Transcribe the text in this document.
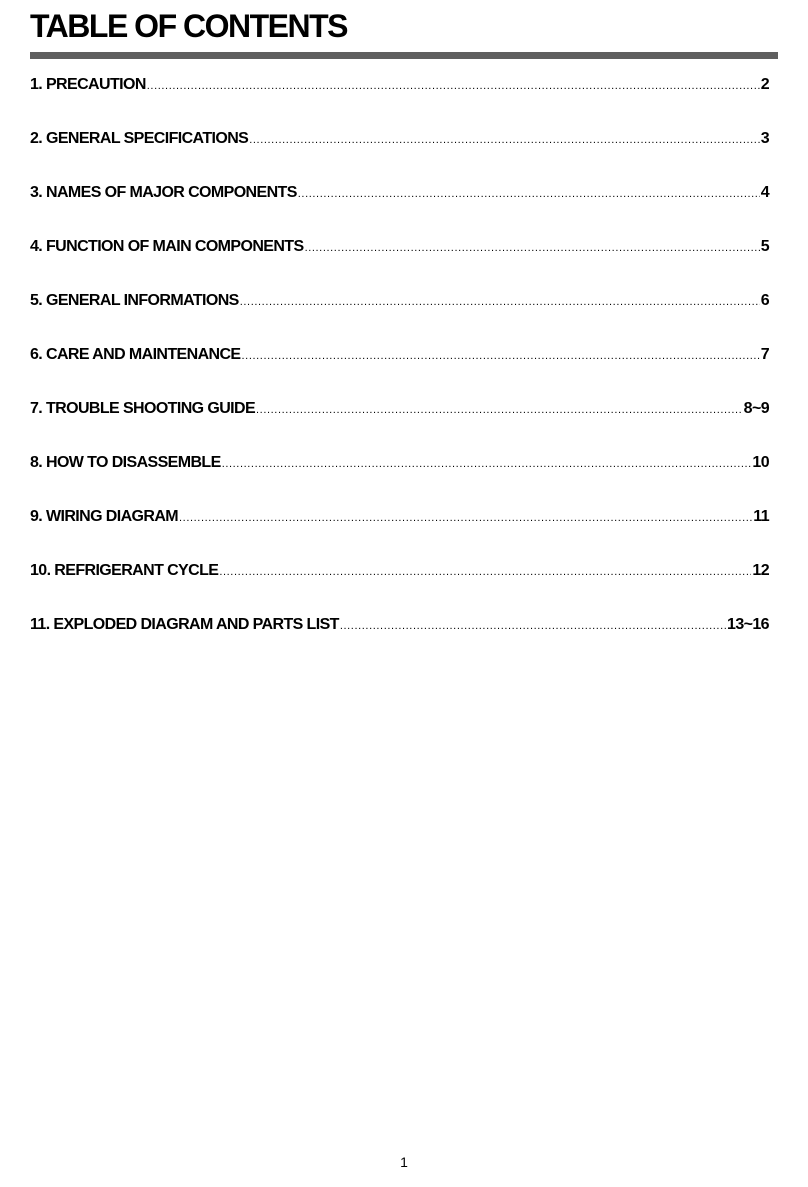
TABLE OF CONTENTS
1. PRECAUTION .....	2
2. GENERAL SPECIFICATIONS .....	3
3. NAMES OF MAJOR COMPONENTS .....	4
4. FUNCTION OF MAIN COMPONENTS .....	5
5. GENERAL INFORMATIONS .....	6
6. CARE AND MAINTENANCE .....	7
7. TROUBLE SHOOTING GUIDE .....	8~9
8. HOW TO DISASSEMBLE .....	10
9. WIRING DIAGRAM .....	11
10. REFRIGERANT CYCLE .....	12
11. EXPLODED DIAGRAM AND PARTS LIST .....	13~16
1
